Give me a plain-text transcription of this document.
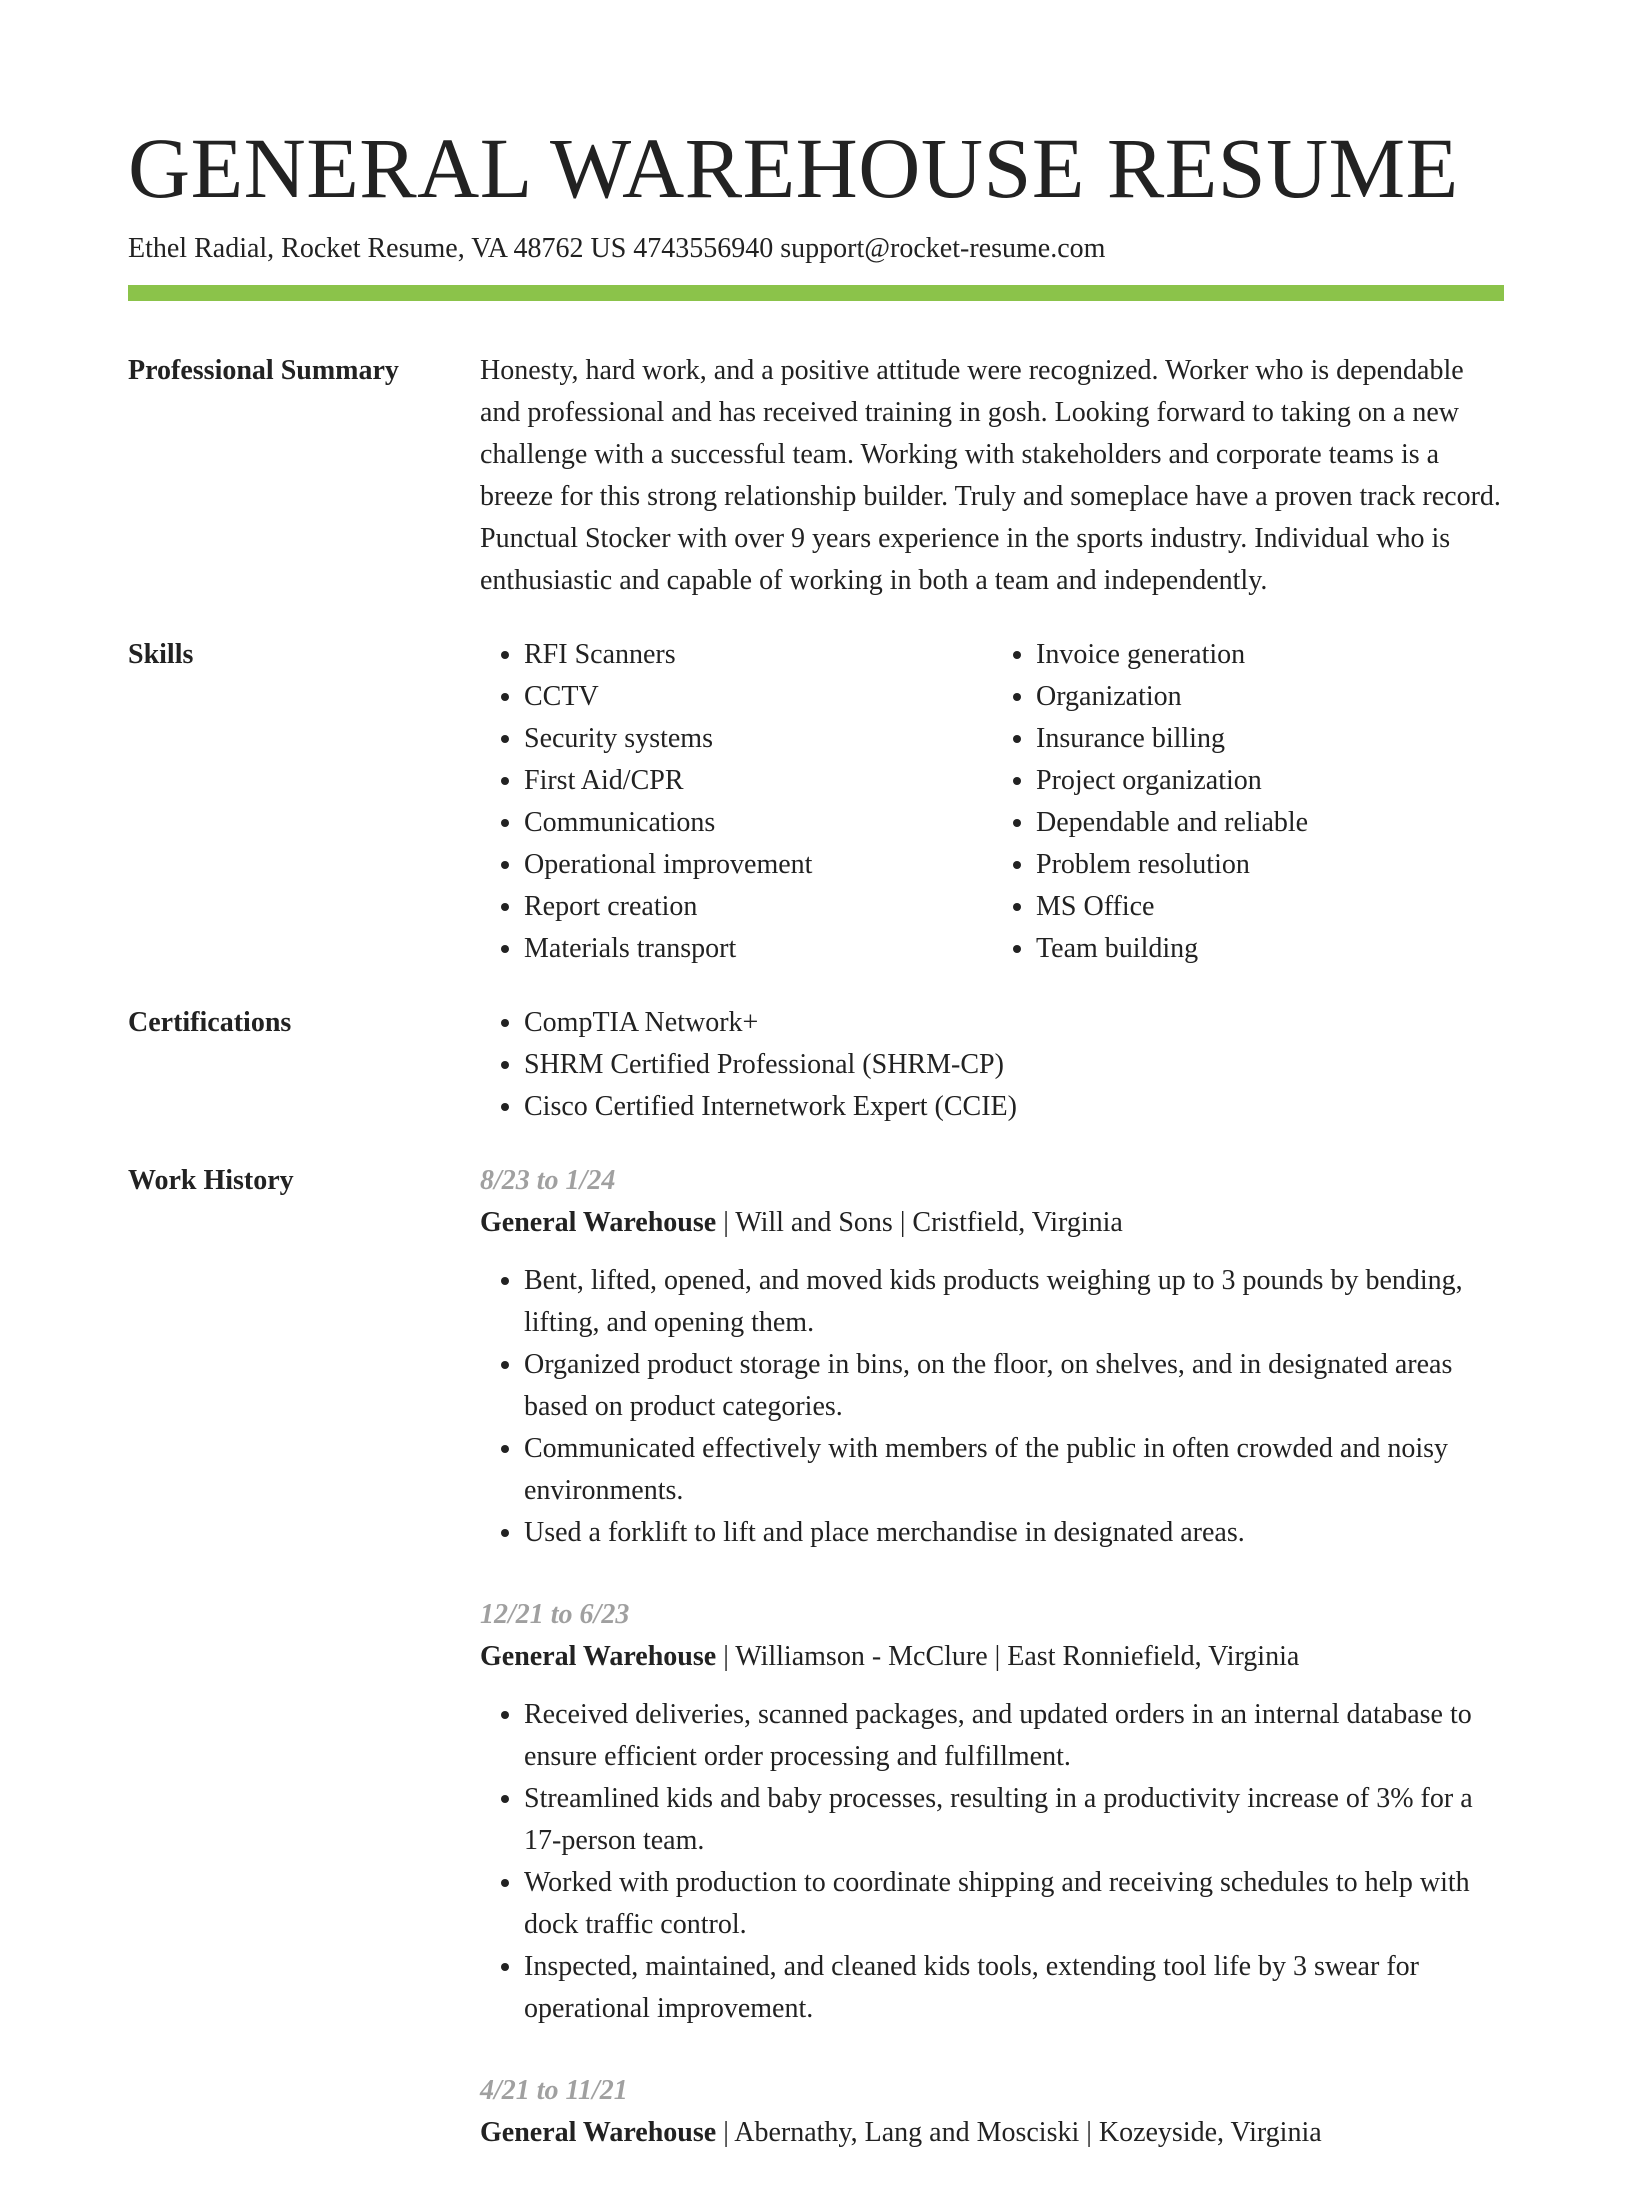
GENERAL WAREHOUSE RESUME
Ethel Radial, Rocket Resume, VA 48762 US 4743556940 support@rocket-resume.com
Professional Summary	Honesty, hard work, and a positive attitude were recognized. Worker who is dependable and professional and has received training in gosh. Looking forward to taking on a new challenge with a successful team. Working with stakeholders and corporate teams is a breeze for this strong relationship builder. Truly and someplace have a proven track record. Punctual Stocker with over 9 years experience in the sports industry. Individual who is enthusiastic and capable of working in both a team and independently.

Skills	• RFI Scanners
• CCTV
• Security systems
• First Aid/CPR
• Communications
• Operational improvement
• Report creation
• Materials transport
• Invoice generation
• Organization
• Insurance billing
• Project organization
• Dependable and reliable
• Problem resolution
• MS Office
• Team building
Certifications	• CompTIA Network+
• SHRM Certified Professional (SHRM-CP)
• Cisco Certified Internetwork Expert (CCIE)
Work History	8/23 to 1/24

General Warehouse | Will and Sons | Cristfield, Virginia

• Bent, lifted, opened, and moved kids products weighing up to 3 pounds by bending, lifting, and opening them.
• Organized product storage in bins, on the floor, on shelves, and in designated areas based on product categories.
• Communicated effectively with members of the public in often crowded and noisy environments.
• Used a forklift to lift and place merchandise in designated areas.

12/21 to 6/23

General Warehouse | Williamson - McClure | East Ronniefield, Virginia

• Received deliveries, scanned packages, and updated orders in an internal database to ensure efficient order processing and fulfillment.
• Streamlined kids and baby processes, resulting in a productivity increase of 3% for a 17-person team.
• Worked with production to coordinate shipping and receiving schedules to help with dock traffic control.
• Inspected, maintained, and cleaned kids tools, extending tool life by 3 swear for operational improvement.

4/21 to 11/21

General Warehouse | Abernathy, Lang and Mosciski | Kozeyside, Virginia
